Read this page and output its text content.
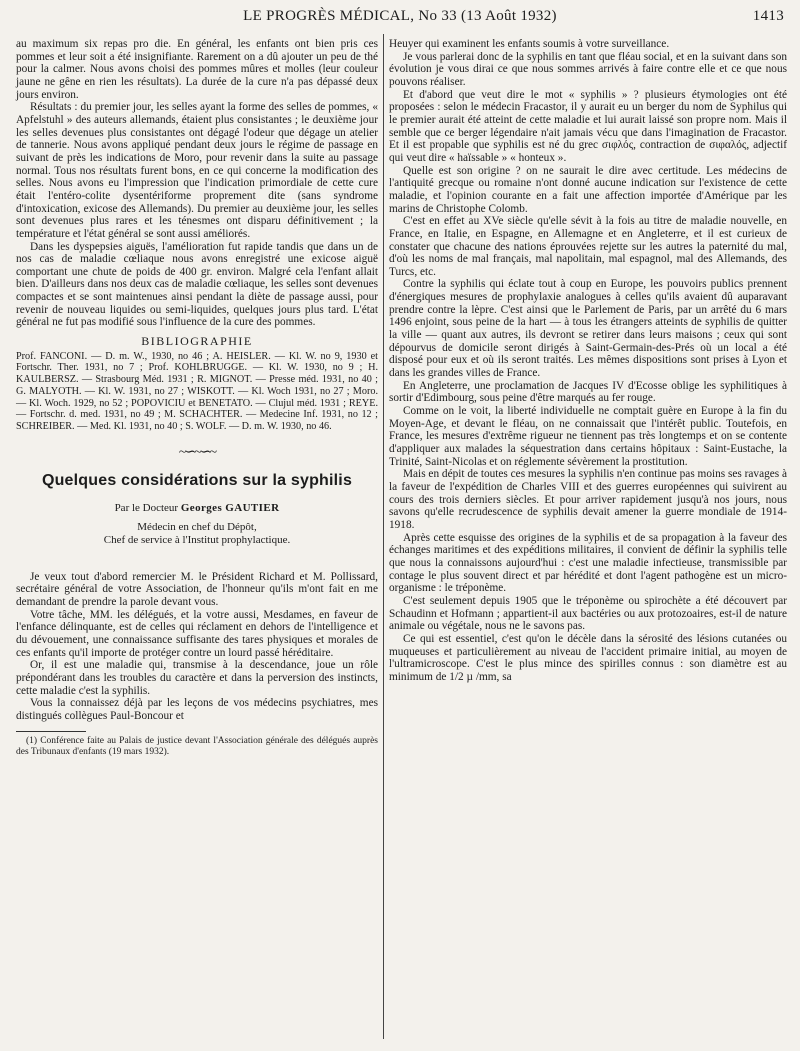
LE PROGRÈS MÉDICAL, No 33 (13 Août 1932)	1413

au maximum six repas pro die. En général, les enfants ont bien pris ces pommes et leur soit a été insignifiante. Rarement on a dû ajouter un peu de thé pour la calmer. Nous avons choisi des pommes mûres et molles (leur couleur jaune ne gêne en rien les résultats). La durée de la cure n'a pas dépassé deux jours environ.

Résultats : du premier jour, les selles ayant la forme des selles de pommes, « Apfelstuhl » des auteurs allemands, étaient plus consistantes ; le deuxième jour les selles devenues plus consistantes ont dégagé l'odeur que dégage un atelier de tannerie. Nous avons appliqué pendant deux jours le régime de passage en suivant de près les indications de Moro, pour revenir dans la suite au passage normal. Tous nos résultats furent bons, en ce qui concerne la modification des selles. Nous avons eu l'impression que l'indication primordiale de cette cure était l'entéro-colite dysentériforme proprement dite (sans syndrome d'intoxication, exicose des Allemands). Du premier au deuxième jour, les selles sont devenues plus rares et les ténesmes ont disparu définitivement ; la température et l'état général se sont aussi améliorés.

Dans les dyspepsies aiguës, l'amélioration fut rapide tandis que dans un de nos cas de maladie cœliaque nous avons enregistré une exicose aiguë comportant une chute de poids de 400 gr. environ. Malgré cela l'enfant allait bien. D'ailleurs dans nos deux cas de maladie cœliaque, les selles sont devenues compactes et se sont maintenues ainsi pendant la diète de passage aussi, pour revenir de nouveau liquides ou semi-liquides, quelques jours plus tard. L'état général ne fut pas modifié sous l'influence de la cure des pommes.

BIBLIOGRAPHIE

Prof. FANCONI. — D. m. W., 1930, no 46 ; A. HEISLER. — Kl. W. no 9, 1930 et Fortschr. Ther. 1931, no 7 ; Prof. KOHLBRUGGE. — Kl. W. 1930, no 9 ; H. KAULBERSZ. — Strasbourg Méd. 1931 ; R. MIGNOT. — Presse méd. 1931, no 40 ; G. MALYOTH. — Kl. W. 1931, no 27 ; WISKOTT. — Kl. Woch 1931, no 27 ; Moro. — Kl. Woch. 1929, no 52 ; POPOVICIU et BENETATO. — Clujul méd. 1931 ; REYE. — Fortschr. d. med. 1931, no 49 ; M. SCHACHTER. — Medecine Inf. 1931, no 12 ; SCHREIBER. — Med. Kl. 1931, no 40 ; S. WOLF. — D. m. W. 1930, no 46.

~∽~∽~
Quelques considérations sur la syphilis
Par le Docteur Georges GAUTIER
Médecin en chef du Dépôt,
Chef de service à l'Institut prophylactique.

Je veux tout d'abord remercier M. le Président Richard et M. Pollissard, secrétaire général de votre Association, de l'honneur qu'ils m'ont fait en me demandant de prendre la parole devant vous.

Votre tâche, MM. les délégués, et la votre aussi, Mesdames, en faveur de l'enfance délinquante, est de celles qui réclament en dehors de l'intelligence et du dévouement, une connaissance suffisante des tares physiques et morales de ces enfants qu'il importe de protéger contre un lourd passé héréditaire.

Or, il est une maladie qui, transmise à la descendance, joue un rôle prépondérant dans les troubles du caractère et dans la perversion des instincts, cette maladie c'est la syphilis.

Vous la connaissez déjà par les leçons de vos médecins psychiatres, mes distingués collègues Paul-Boncour et

(1) Conférence faite au Palais de justice devant l'Association générale des délégués auprès des Tribunaux d'enfants (19 mars 1932).

Heuyer qui examinent les enfants soumis à votre surveillance.

Je vous parlerai donc de la syphilis en tant que fléau social, et en la suivant dans son évolution je vous dirai ce que nous sommes arrivés à faire contre elle et ce que nous pouvons réaliser.

Et d'abord que veut dire le mot « syphilis » ? plusieurs étymologies ont été proposées : selon le médecin Fracastor, il y aurait eu un berger du nom de Syphilus qui le premier aurait été atteint de cette maladie et lui aurait laissé son propre nom. Mais il semble que ce berger légendaire n'ait jamais vécu que dans l'imagination de Fracastor. Et il est propable que syphilis est né du grec σιφλός, contraction de σιφαλός, adjectif qui veut dire « haïssable » « honteux ».

Quelle est son origine ? on ne saurait le dire avec certitude. Les médecins de l'antiquité grecque ou romaine n'ont donné aucune indication sur l'existence de cette maladie, et l'opinion courante en a fait une affection importée d'Amérique par les marins de Christophe Colomb.

C'est en effet au XVe siècle qu'elle sévit à la fois au titre de maladie nouvelle, en France, en Italie, en Espagne, en Allemagne et en Angleterre, et il est curieux de constater que chacune des nations éprouvées rejette sur les autres la paternité du mal, d'où les noms de mal français, mal napolitain, mal espagnol, mal des Allemands, des Turcs, etc.

Contre la syphilis qui éclate tout à coup en Europe, les pouvoirs publics prennent d'énergiques mesures de prophylaxie analogues à celles qu'ils avaient dû auparavant prendre contre la lèpre. C'est ainsi que le Parlement de Paris, par un arrêté du 6 mars 1496 enjoint, sous peine de la hart — à tous les étrangers atteints de syphilis de quitter la ville — quant aux autres, ils devront se retirer dans leurs maisons ; ceux qui sont dépourvus de domicile seront dirigés à Saint-Germain-des-Prés où un local a été disposé pour eux et où ils seront traités. Les mêmes dispositions sont prises à Lyon et dans les grandes villes de France.

En Angleterre, une proclamation de Jacques IV d'Ecosse oblige les syphilitiques à sortir d'Edimbourg, sous peine d'être marqués au fer rouge.

Comme on le voit, la liberté individuelle ne comptait guère en Europe à la fin du Moyen-Age, et devant le fléau, on ne connaissait que l'intérêt public. Toutefois, en France, les mesures d'extrême rigueur ne tiennent pas très longtemps et on se contente d'appliquer aux malades la séquestration dans certains hôpitaux : Saint-Eustache, la Trinité, Saint-Nicolas et on réglemente sévèrement la prostitution.

Mais en dépit de toutes ces mesures la syphilis n'en continue pas moins ses ravages à la faveur de l'expédition de Charles VIII et des guerres européennes qui suivirent au cours des trois derniers siècles. Et pour arriver rapidement jusqu'à nos jours, nous savons qu'elle recrudescence de syphilis devait amener la guerre mondiale de 1914-1918.

Après cette esquisse des origines de la syphilis et de sa propagation à la faveur des échanges maritimes et des expéditions militaires, il convient de définir la syphilis telle que nous la connaissons aujourd'hui : c'est une maladie infectieuse, transmissible par contage le plus souvent direct et par hérédité et dont l'agent pathogène est un micro-organisme : le tréponème.

C'est seulement depuis 1905 que le tréponème ou spirochète a été découvert par Schaudinn et Hofmann ; appartient-il aux bactéries ou aux protozoaires, est-il de nature animale ou végétale, nous ne le savons pas.

Ce qui est essentiel, c'est qu'on le décèle dans la sérosité des lésions cutanées ou muqueuses et particulièrement au niveau de l'accident primaire initial, au moyen de l'ultramicroscope. C'est le plus mince des spirilles connus : son diamètre est au minimum de 1/2 µ /mm, sa
